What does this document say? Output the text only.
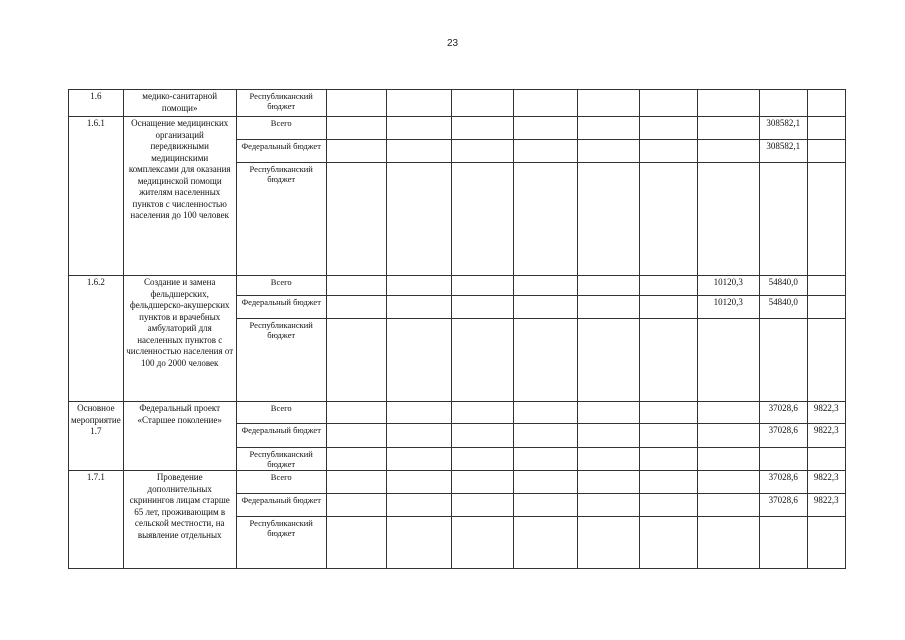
23
1.6	медико-санитарной помощи»	Республиканский бюджет									
1.6.1	Оснащение медицинских организаций передвижными медицинскими комплексами для оказания медицинской помощи жителям населенных пунктов с численностью населения до 100 человек	Всего								308582,1	
		Федеральный бюджет								308582,1	
		Республиканский бюджет									
1.6.2	Создание и замена фельдшерских, фельдшерско-акушерских пунктов и врачебных амбулаторий для населенных пунктов с численностью населения от 100 до 2000 человек	Всего							10120,3	54840,0	
		Федеральный бюджет							10120,3	54840,0	
		Республиканский бюджет									
Основное мероприятие 1.7	Федеральный проект «Старшее поколение»	Всего								37028,6	9822,3
		Федеральный бюджет								37028,6	9822,3
		Республиканский бюджет									
1.7.1	Проведение дополнительных скринингов лицам старше 65 лет, проживающим в сельской местности, на выявление отдельных	Всего								37028,6	9822,3
		Федеральный бюджет								37028,6	9822,3
		Республиканский бюджет									
